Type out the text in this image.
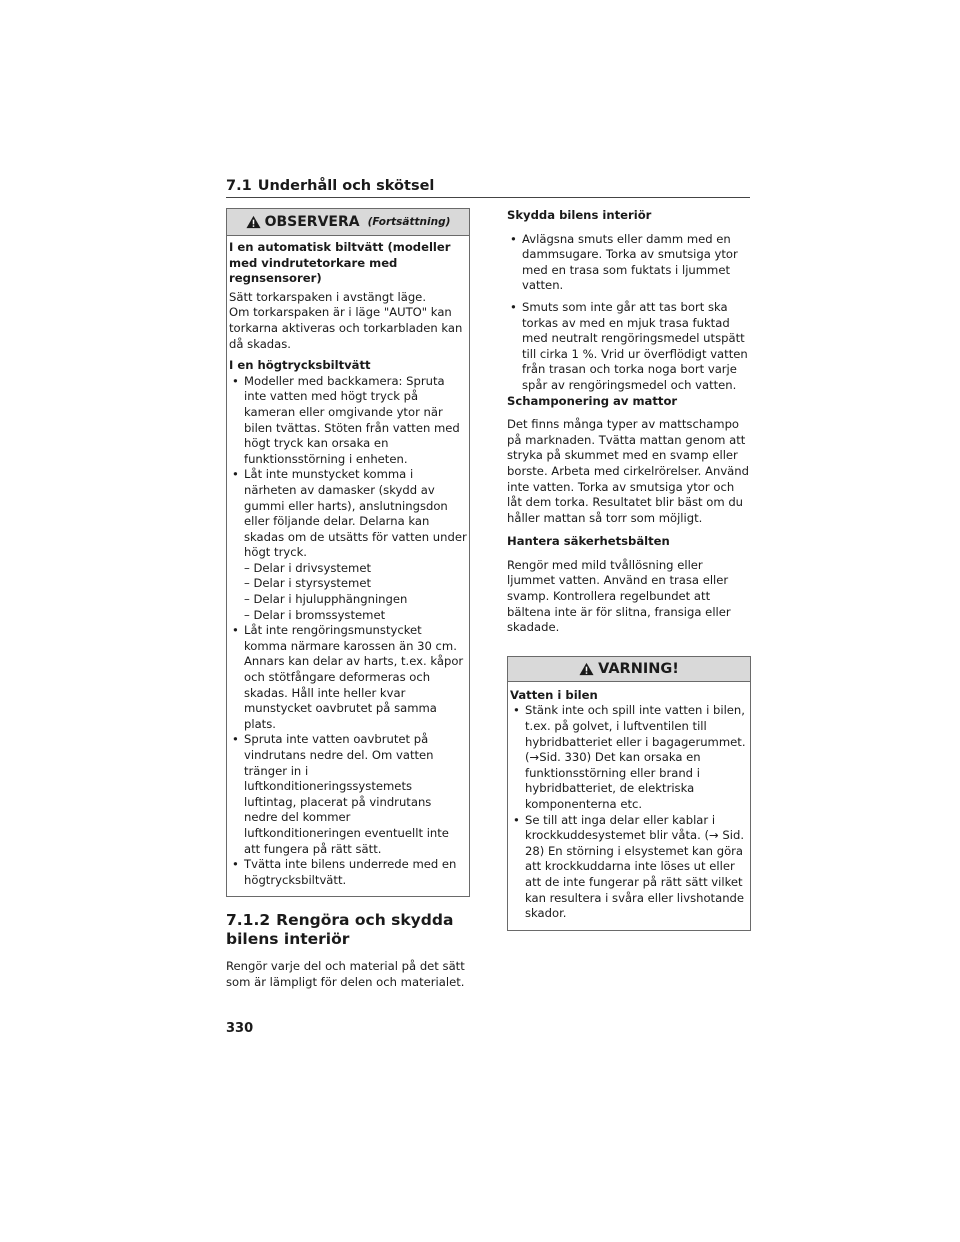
7.1 Underhåll och skötsel
OBSERVERA (Fortsättning)
I en automatisk biltvätt (modeller med vindrutetorkare med regnsensorer)
Sätt torkarspaken i avstängt läge.
Om torkarspaken är i läge "AUTO" kan torkarna aktiveras och torkarbladen kan då skadas.
I en högtrycksbiltvätt
• Modeller med backkamera: Spruta inte vatten med högt tryck på kameran eller omgivande ytor när bilen tvättas. Stöten från vatten med högt tryck kan orsaka en funktionsstörning i enheten.
• Låt inte munstycket komma i närheten av damasker (skydd av gummi eller harts), anslutningsdon eller följande delar. Delarna kan skadas om de utsätts för vatten under högt tryck.
– Delar i drivsystemet
– Delar i styrsystemet
– Delar i hjulupphängningen
– Delar i bromssystemet
• Låt inte rengöringsmunstycket komma närmare karossen än 30 cm. Annars kan delar av harts, t.ex. kåpor och stötfångare deformeras och skadas. Håll inte heller kvar munstycket oavbrutet på samma plats.
• Spruta inte vatten oavbrutet på vindrutans nedre del. Om vatten tränger in i luftkonditioneringssystemets luftintag, placerat på vindrutans nedre del kommer luftkonditioneringen eventuellt inte att fungera på rätt sätt.
• Tvätta inte bilens underrede med en högtrycksbiltvätt.
7.1.2 Rengöra och skydda bilens interiör
Rengör varje del och material på det sätt som är lämpligt för delen och materialet.
Skydda bilens interiör
• Avlägsna smuts eller damm med en dammsugare. Torka av smutsiga ytor med en trasa som fuktats i ljummet vatten.
• Smuts som inte går att tas bort ska torkas av med en mjuk trasa fuktad med neutralt rengöringsmedel utspätt till cirka 1 %. Vrid ur överflödigt vatten från trasan och torka noga bort varje spår av rengöringsmedel och vatten.
Schamponering av mattor
Det finns många typer av mattschampo på marknaden. Tvätta mattan genom att stryka på skummet med en svamp eller borste. Arbeta med cirkelrörelser. Använd inte vatten. Torka av smutsiga ytor och låt dem torka. Resultatet blir bäst om du håller mattan så torr som möjligt.
Hantera säkerhetsbälten
Rengör med mild tvållösning eller ljummet vatten. Använd en trasa eller svamp. Kontrollera regelbundet att bältena inte är för slitna, fransiga eller skadade.
VARNING!
Vatten i bilen
• Stänk inte och spill inte vatten i bilen, t.ex. på golvet, i luftventilen till hybridbatteriet eller i bagagerummet. (→Sid. 330) Det kan orsaka en funktionsstörning eller brand i hybridbatteriet, de elektriska komponenterna etc.
• Se till att inga delar eller kablar i krockkuddesystemet blir våta. (→ Sid. 28) En störning i elsystemet kan göra att krockkuddarna inte löses ut eller att de inte fungerar på rätt sätt vilket kan resultera i svåra eller livshotande skador.
330
